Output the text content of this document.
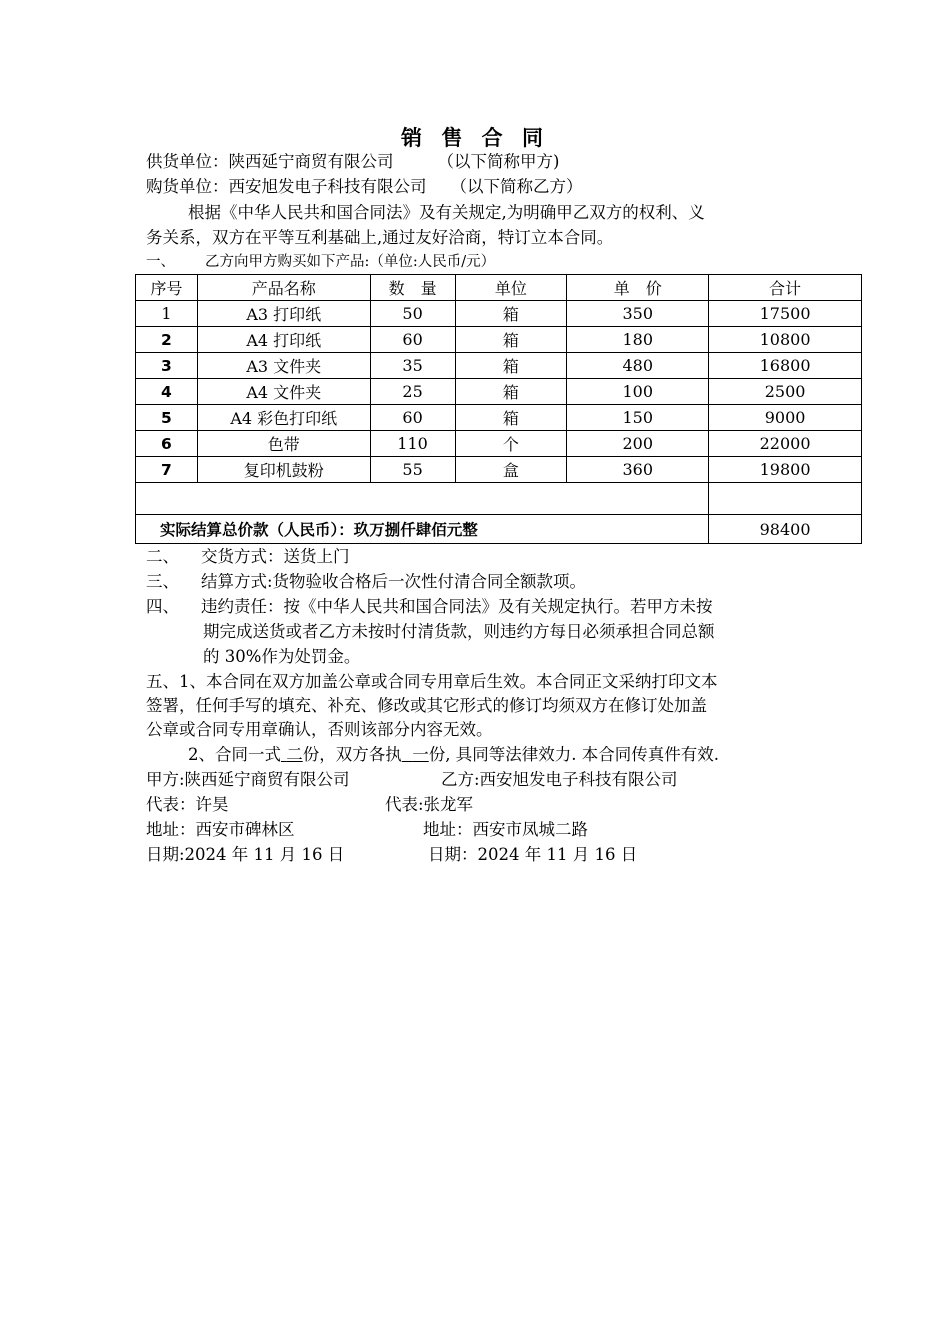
销 售 合 同
供货单位：陕西延宁商贸有限公司	（以下简称甲方)
购货单位：西安旭发电子科技有限公司 （以下简称乙方）
根据《中华人民共和国合同法》及有关规定,为明确甲乙双方的权利、义
务关系，双方在平等互利基础上,通过友好洽商，特订立本合同。
一、 乙方向甲方购买如下产品:（单位:人民币/元）
序号	产品名称	数　量	单位	单　价	合计
1	A3 打印纸	50	箱	350	17500
2	A4 打印纸	60	箱	180	10800
3	A3 文件夹	35	箱	480	16800
4	A4 文件夹	25	箱	100	2500
5	A4 彩色打印纸	60	箱	150	9000
6	色带	110	个	200	22000
7	复印机鼓粉	55	盒	360	19800

实际结算总价款（人民币）：玖万捌仟肆佰元整					98400
二、 交货方式：送货上门
三、 结算方式:货物验收合格后一次性付清合同全额款项。
四、 违约责任：按《中华人民共和国合同法》及有关规定执行。若甲方未按
期完成送货或者乙方未按时付清货款，则违约方每日必须承担合同总额
的 30%作为处罚金。
五、1、本合同在双方加盖公章或合同专用章后生效。本合同正文采纳打印文本
签署，任何手写的填充、补充、修改或其它形式的修订均须双方在修订处加盖
公章或合同专用章确认，否则该部分内容无效。
2、合同一式 二份，双方各执 一份, 具同等法律效力. 本合同传真件有效.
甲方:陕西延宁商贸有限公司	乙方:西安旭发电子科技有限公司
代表：许昊	代表:张龙军
地址：西安市碑林区	地址：西安市凤城二路
日期:2024 年 11 月 16 日	日期：2024 年 11 月 16 日
